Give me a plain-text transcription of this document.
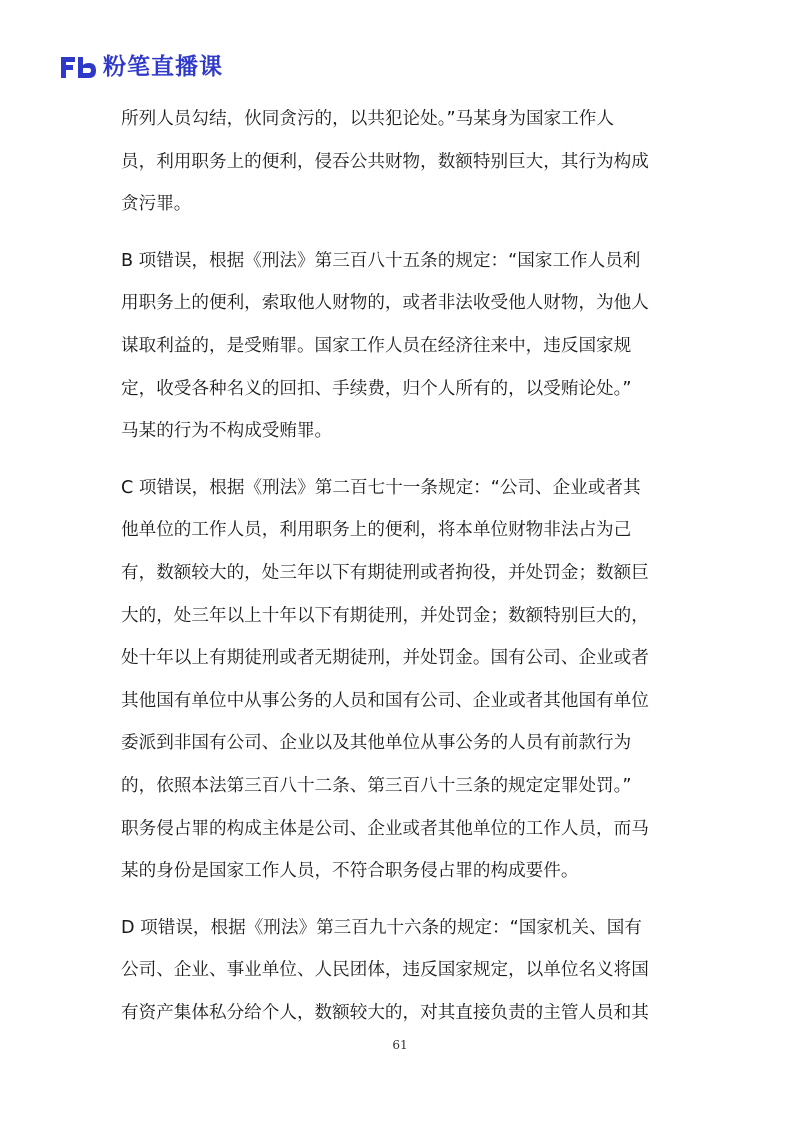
粉笔直播课
所列人员勾结，伙同贪污的，以共犯论处。”马某身为国家工作人
员，利用职务上的便利，侵吞公共财物，数额特别巨大，其行为构成
贪污罪。
B 项错误，根据《刑法》第三百八十五条的规定：“国家工作人员利
用职务上的便利，索取他人财物的，或者非法收受他人财物，为他人
谋取利益的，是受贿罪。国家工作人员在经济往来中，违反国家规
定，收受各种名义的回扣、手续费，归个人所有的，以受贿论处。”
马某的行为不构成受贿罪。
C 项错误，根据《刑法》第二百七十一条规定：“公司、企业或者其
他单位的工作人员，利用职务上的便利，将本单位财物非法占为己
有，数额较大的，处三年以下有期徒刑或者拘役，并处罚金；数额巨
大的，处三年以上十年以下有期徒刑，并处罚金；数额特别巨大的，
处十年以上有期徒刑或者无期徒刑，并处罚金。国有公司、企业或者
其他国有单位中从事公务的人员和国有公司、企业或者其他国有单位
委派到非国有公司、企业以及其他单位从事公务的人员有前款行为
的，依照本法第三百八十二条、第三百八十三条的规定定罪处罚。”
职务侵占罪的构成主体是公司、企业或者其他单位的工作人员，而马
某的身份是国家工作人员，不符合职务侵占罪的构成要件。
D 项错误，根据《刑法》第三百九十六条的规定：“国家机关、国有
公司、企业、事业单位、人民团体，违反国家规定，以单位名义将国
有资产集体私分给个人，数额较大的，对其直接负责的主管人员和其
61
